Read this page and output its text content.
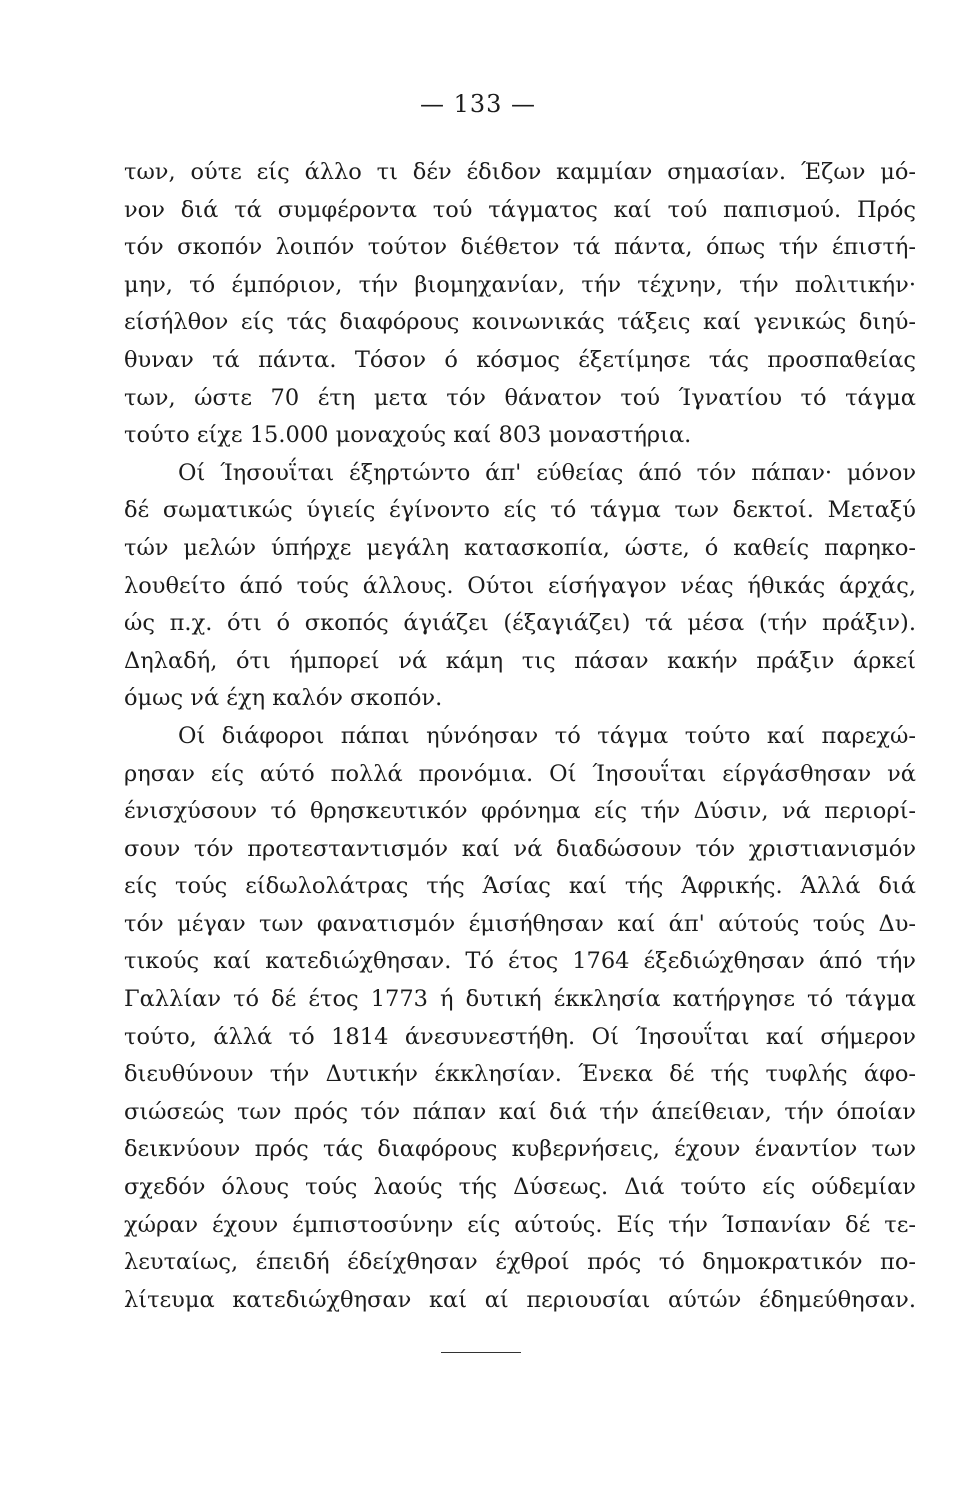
— 133 —
των, ούτε είς άλλο τι δέν έδιδον καμμίαν σημασίαν. Έζων μό-
νον διά τά συμφέροντα τού τάγματος καί τού παπισμού. Πρός
τόν σκοπόν λοιπόν τούτον διέθετον τά πάντα, όπως τήν έπιστή-
μην, τό έμπόριον, τήν βιομηχανίαν, τήν τέχνην, τήν πολιτικήν·
είσήλθον είς τάς διαφόρους κοινωνικάς τάξεις καί γενικώς διηύ-
θυναν τά πάντα. Τόσον ό κόσμος έξετίμησε τάς προσπαθείας
των, ώστε 70 έτη μετα τόν θάνατον τού Ίγνατίου τό τάγμα
τούτο είχε 15.000 μοναχούς καί 803 μοναστήρια.
Οί Ίησουΐται έξηρτώντο άπ' εύθείας άπό τόν πάπαν· μόνον
δέ σωματικώς ύγιείς έγίνοντο είς τό τάγμα των δεκτοί. Μεταξύ
τών μελών ύπήρχε μεγάλη κατασκοπία, ώστε, ό καθείς παρηκο-
λουθείτο άπό τούς άλλους. Ούτοι είσήγαγον νέας ήθικάς άρχάς,
ώς π.χ. ότι ό σκοπός άγιάζει (έξαγιάζει) τά μέσα (τήν πράξιν).
Δηλαδή, ότι ήμπορεί νά κάμη τις πάσαν κακήν πράξιν άρκεί
όμως νά έχη καλόν σκοπόν.
Οί διάφοροι πάπαι ηύνόησαν τό τάγμα τούτο καί παρεχώ-
ρησαν είς αύτό πολλά προνόμια. Οί Ίησουΐται είργάσθησαν νά
ένισχύσουν τό θρησκευτικόν φρόνημα είς τήν Δύσιν, νά περιορί-
σουν τόν προτεσταντισμόν καί νά διαδώσουν τόν χριστιανισμόν
είς τούς είδωλολάτρας τής Άσίας καί τής Άφρικής. Άλλά διά
τόν μέγαν των φανατισμόν έμισήθησαν καί άπ' αύτούς τούς Δυ-
τικούς καί κατεδιώχθησαν. Τό έτος 1764 έξεδιώχθησαν άπό τήν
Γαλλίαν τό δέ έτος 1773 ή δυτική έκκλησία κατήργησε τό τάγμα
τούτο, άλλά τό 1814 άνεσυνεστήθη. Οί Ίησουΐται καί σήμερον
διευθύνουν τήν Δυτικήν έκκλησίαν. Ένεκα δέ τής τυφλής άφο-
σιώσεώς των πρός τόν πάπαν καί διά τήν άπείθειαν, τήν όποίαν
δεικνύουν πρός τάς διαφόρους κυβερνήσεις, έχουν έναντίον των
σχεδόν όλους τούς λαούς τής Δύσεως. Διά τούτο είς ούδεμίαν
χώραν έχουν έμπιστοσύνην είς αύτούς. Είς τήν Ίσπανίαν δέ τε-
λευταίως, έπειδή έδείχθησαν έχθροί πρός τό δημοκρατικόν πο-
λίτευμα κατεδιώχθησαν καί αί περιουσίαι αύτών έδημεύθησαν.
